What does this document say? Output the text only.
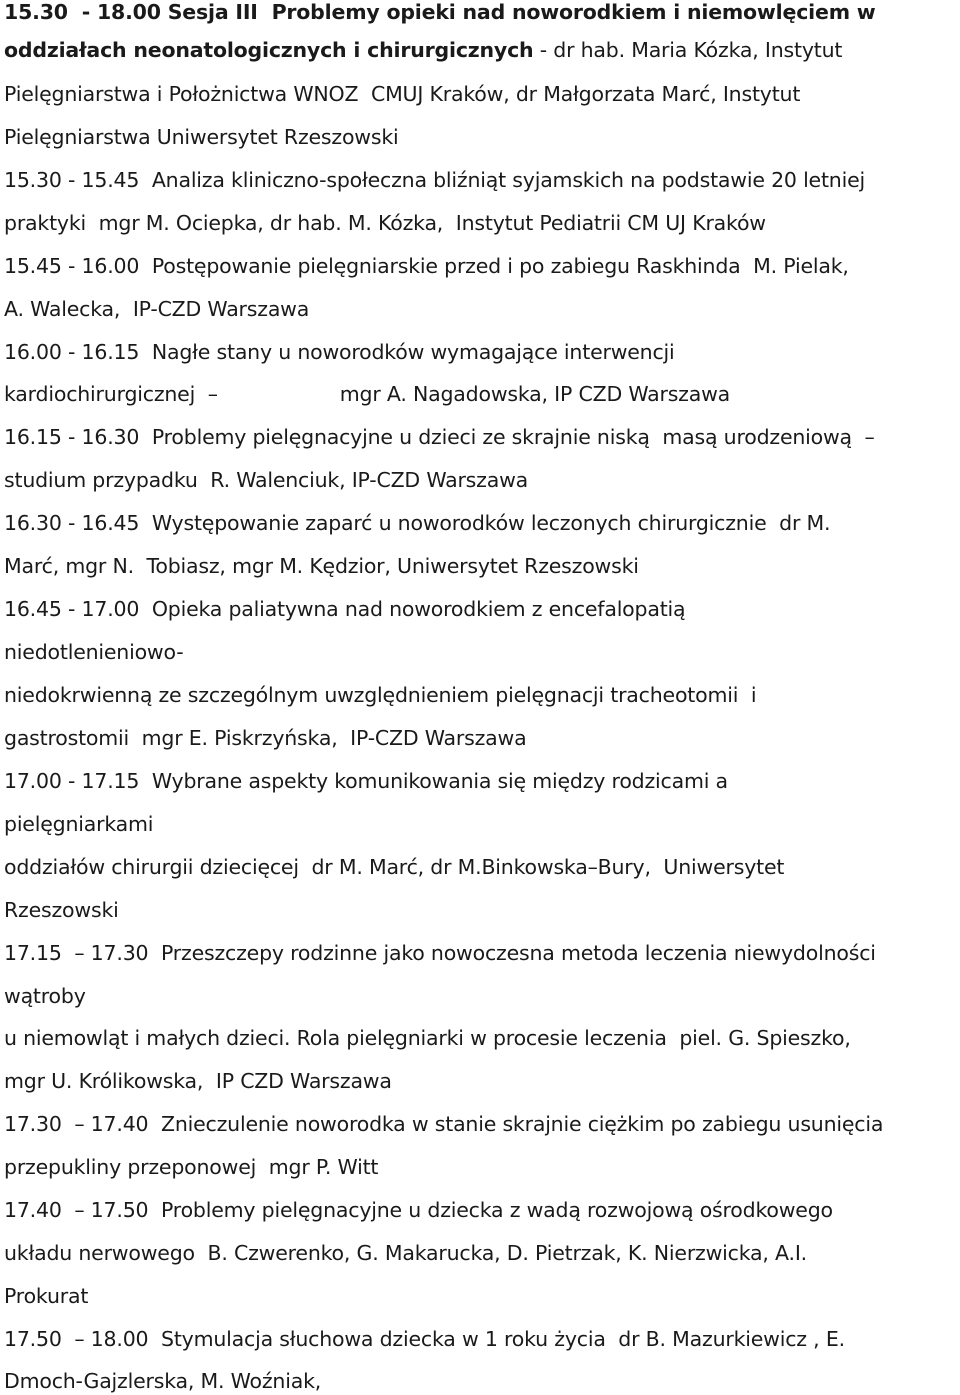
15.30  - 18.00 Sesja III  Problemy opieki nad noworodkiem i niemowlęciem w
oddziałach neonatologicznych i chirurgicznych - dr hab. Maria Kózka, Instytut
Pielęgniarstwa i Położnictwa WNOZ  CMUJ Kraków, dr Małgorzata Marć, Instytut
Pielęgniarstwa Uniwersytet Rzeszowski
15.30 - 15.45  Analiza kliniczno-społeczna bliźniąt syjamskich na podstawie 20 letniej
praktyki  mgr M. Ociepka, dr hab. M. Kózka,  Instytut Pediatrii CM UJ Kraków
15.45 - 16.00  Postępowanie pielęgniarskie przed i po zabiegu Raskhinda  M. Pielak,
A. Walecka,  IP-CZD Warszawa
16.00 - 16.15  Nagłe stany u noworodków wymagające interwencji
kardiochirurgicznej  –	mgr A. Nagadowska, IP CZD Warszawa
16.15 - 16.30  Problemy pielęgnacyjne u dzieci ze skrajnie niską  masą urodzeniową  –
studium przypadku  R. Walenciuk, IP-CZD Warszawa
16.30 - 16.45  Występowanie zaparć u noworodków leczonych chirurgicznie  dr M.
Marć, mgr N.  Tobiasz, mgr M. Kędzior, Uniwersytet Rzeszowski
16.45 - 17.00  Opieka paliatywna nad noworodkiem z encefalopatią
niedotlenieniowo-
niedokrwienną ze szczególnym uwzględnieniem pielęgnacji tracheotomii  i
gastrostomii  mgr E. Piskrzyńska,  IP-CZD Warszawa
17.00 - 17.15  Wybrane aspekty komunikowania się między rodzicami a
pielęgniarkami
oddziałów chirurgii dziecięcej  dr M. Marć, dr M.Binkowska–Bury,  Uniwersytet
Rzeszowski
17.15  – 17.30  Przeszczepy rodzinne jako nowoczesna metoda leczenia niewydolności
wątroby
u niemowląt i małych dzieci. Rola pielęgniarki w procesie leczenia  piel. G. Spieszko,
mgr U. Królikowska,  IP CZD Warszawa
17.30  – 17.40  Znieczulenie noworodka w stanie skrajnie ciężkim po zabiegu usunięcia
przepukliny przeponowej  mgr P. Witt
17.40  – 17.50  Problemy pielęgnacyjne u dziecka z wadą rozwojową ośrodkowego
układu nerwowego  B. Czwerenko, G. Makarucka, D. Pietrzak, K. Nierzwicka, A.I.
Prokurat
17.50  – 18.00  Stymulacja słuchowa dziecka w 1 roku życia  dr B. Mazurkiewicz , E.
Dmoch-Gajzlerska, M. Woźniak,
